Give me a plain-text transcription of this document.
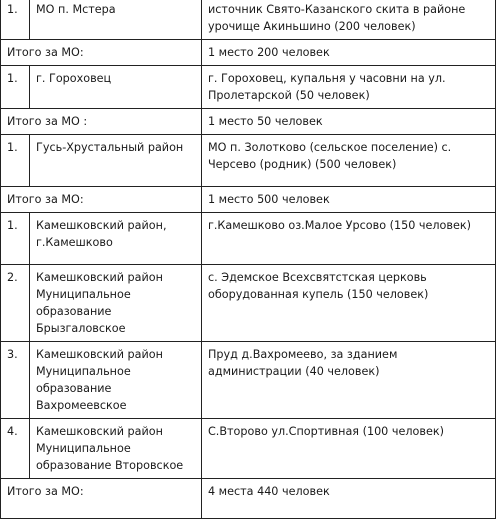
1.	МО п. Мстера	источник Свято-Казанского скита в районе урочище Акиньшино (200 человек)
Итого за МО:		1 место 200 человек
1.	г. Гороховец	г. Гороховец, купальня у часовни на ул. Пролетарской (50 человек)
Итого за МО :		1 место 50 человек
1.	Гусь-Хрустальный район	МО п. Золотково (сельское поселение) с. Черсево (родник) (500 человек)
Итого за МО:		1 место 500 человек
1.	Камешковский район, г.Камешково	г.Камешково оз.Малое Урсово (150 человек)
2.	Камешковский район Муниципальное образование Брызгаловское	с. Эдемское Всехсвятстская церковь оборудованная купель (150 человек)
3.	Камешковский район Муниципальное образование Вахромеевское	Пруд д.Вахромеево, за зданием администрации (40 человек)
4.	Камешковский район Муниципальное образование Второвское	С.Второво ул.Спортивная (100 человек)
Итого за МО:		4 места 440 человек
